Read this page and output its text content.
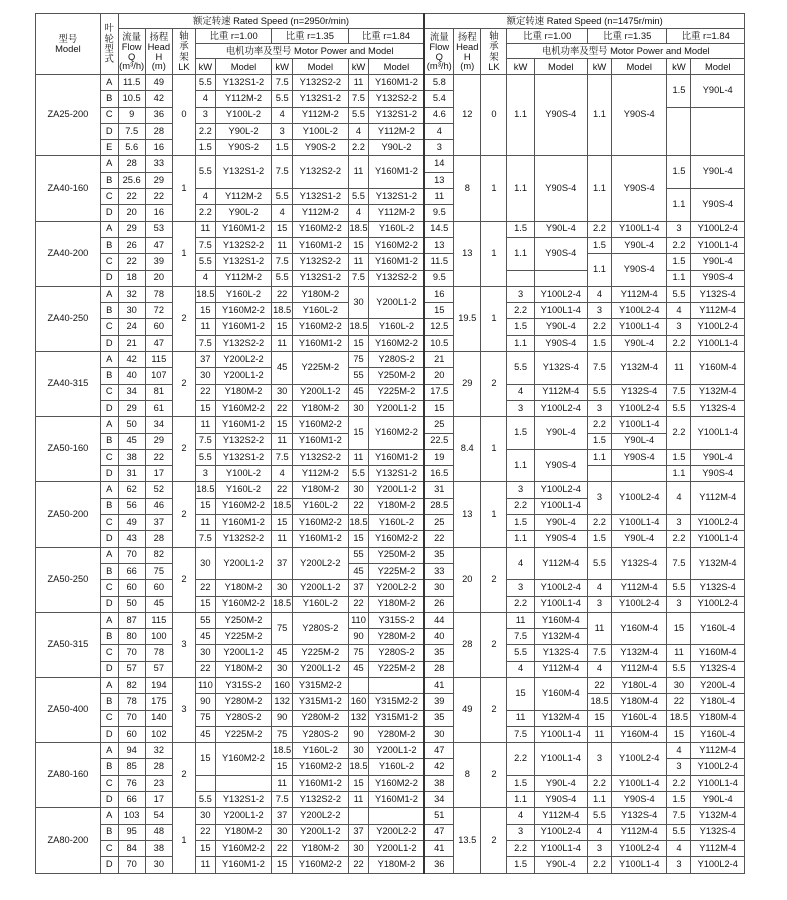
型号
Model	叶
轮
型
式	额定转速 Rated Speed (n=2950r/min)									额定转速 Rated Speed (n=1475r/min)								
		流量
Flow
Q
(m³/h)	扬程
Head
H
(m)	轴
承
架
LK	比重 r=1.00		比重 r=1.35		比重 r=1.84		流量
Flow
Q
(m³/h)	扬程
Head
H
(m)	轴
承
架
LK	比重 r=1.00		比重 r=1.35		比重 r=1.84	
					电机功率及型号 Motor Power and Model									电机功率及型号 Motor Power and Model					
					kW	Model	kW	Model	kW	Model				kW	Model	kW	Model	kW	Model
ZA25-200	A	11.5	49	0	5.5	Y132S1-2	7.5	Y132S2-2	11	Y160M1-2	5.8	12	0	1.1	Y90S-4	1.1	Y90S-4	1.5	Y90L-4
	B	10.5	42		4	Y112M-2	5.5	Y132S1-2	7.5	Y132S2-2	5.4								
	C	9	36		3	Y100L-2	4	Y112M-2	5.5	Y132S1-2	4.6								
	D	7.5	28		2.2	Y90L-2	3	Y100L-2	4	Y112M-2	4								
	E	5.6	16		1.5	Y90S-2	1.5	Y90S-2	2.2	Y90L-2	3								
ZA40-160	A	28	33	1	5.5	Y132S1-2	7.5	Y132S2-2	11	Y160M1-2	14	8	1	1.1	Y90S-4	1.1	Y90S-4	1.5	Y90L-4
	B	25.6	29								13								
	C	22	22		4	Y112M-2	5.5	Y132S1-2	5.5	Y132S1-2	11							1.1	Y90S-4
	D	20	16		2.2	Y90L-2	4	Y112M-2	4	Y112M-2	9.5								
ZA40-200	A	29	53	1	11	Y160M1-2	15	Y160M2-2	18.5	Y160L-2	14.5	13	1	1.5	Y90L-4	2.2	Y100L1-4	3	Y100L2-4
	B	26	47		7.5	Y132S2-2	11	Y160M1-2	15	Y160M2-2	13			1.1	Y90S-4	1.5	Y90L-4	2.2	Y100L1-4
	C	22	39		5.5	Y132S1-2	7.5	Y132S2-2	11	Y160M1-2	11.5					1.1	Y90S-4	1.5	Y90L-4
	D	18	20		4	Y112M-2	5.5	Y132S1-2	7.5	Y132S2-2	9.5							1.1	Y90S-4
ZA40-250	A	32	78	2	18.5	Y160L-2	22	Y180M-2	30	Y200L1-2	16	19.5	1	3	Y100L2-4	4	Y112M-4	5.5	Y132S-4
	B	30	72		15	Y160M2-2	18.5	Y160L-2			15			2.2	Y100L1-4	3	Y100L2-4	4	Y112M-4
	C	24	60		11	Y160M1-2	15	Y160M2-2	18.5	Y160L-2	12.5			1.5	Y90L-4	2.2	Y100L1-4	3	Y100L2-4
	D	21	47		7.5	Y132S2-2	11	Y160M1-2	15	Y160M2-2	10.5			1.1	Y90S-4	1.5	Y90L-4	2.2	Y100L1-4
ZA40-315	A	42	115	2	37	Y200L2-2	45	Y225M-2	75	Y280S-2	21	29	2	5.5	Y132S-4	7.5	Y132M-4	11	Y160M-4
	B	40	107		30	Y200L1-2			55	Y250M-2	20								
	C	34	81		22	Y180M-2	30	Y200L1-2	45	Y225M-2	17.5			4	Y112M-4	5.5	Y132S-4	7.5	Y132M-4
	D	29	61		15	Y160M2-2	22	Y180M-2	30	Y200L1-2	15			3	Y100L2-4	3	Y100L2-4	5.5	Y132S-4
ZA50-160	A	50	34	2	11	Y160M1-2	15	Y160M2-2	15	Y160M2-2	25	8.4	1	1.5	Y90L-4	2.2	Y100L1-4	2.2	Y100L1-4
	B	45	29		7.5	Y132S2-2	11	Y160M1-2			22.5					1.5	Y90L-4		
	C	38	22		5.5	Y132S1-2	7.5	Y132S2-2	11	Y160M1-2	19			1.1	Y90S-4	1.1	Y90S-4	1.5	Y90L-4
	D	31	17		3	Y100L-2	4	Y112M-2	5.5	Y132S1-2	16.5							1.1	Y90S-4
ZA50-200	A	62	52	2	18.5	Y160L-2	22	Y180M-2	30	Y200L1-2	31	13	1	3	Y100L2-4	3	Y100L2-4	4	Y112M-4
	B	56	46		15	Y160M2-2	18.5	Y160L-2	22	Y180M-2	28.5			2.2	Y100L1-4				
	C	49	37		11	Y160M1-2	15	Y160M2-2	18.5	Y160L-2	25			1.5	Y90L-4	2.2	Y100L1-4	3	Y100L2-4
	D	43	28		7.5	Y132S2-2	11	Y160M1-2	15	Y160M2-2	22			1.1	Y90S-4	1.5	Y90L-4	2.2	Y100L1-4
ZA50-250	A	70	82	2	30	Y200L1-2	37	Y200L2-2	55	Y250M-2	35	20	2	4	Y112M-4	5.5	Y132S-4	7.5	Y132M-4
	B	66	75						45	Y225M-2	33								
	C	60	60		22	Y180M-2	30	Y200L1-2	37	Y200L2-2	30			3	Y100L2-4	4	Y112M-4	5.5	Y132S-4
	D	50	45		15	Y160M2-2	18.5	Y160L-2	22	Y180M-2	26			2.2	Y100L1-4	3	Y100L2-4	3	Y100L2-4
ZA50-315	A	87	115	3	55	Y250M-2	75	Y280S-2	110	Y315S-2	44	28	2	11	Y160M-4	11	Y160M-4	15	Y160L-4
	B	80	100		45	Y225M-2			90	Y280M-2	40			7.5	Y132M-4				
	C	70	78		30	Y200L1-2	45	Y225M-2	75	Y280S-2	35			5.5	Y132S-4	7.5	Y132M-4	11	Y160M-4
	D	57	57		22	Y180M-2	30	Y200L1-2	45	Y225M-2	28			4	Y112M-4	4	Y112M-4	5.5	Y132S-4
ZA50-400	A	82	194	3	110	Y315S-2	160	Y315M2-2			41	49	2	15	Y160M-4	22	Y180L-4	30	Y200L-4
	B	78	175		90	Y280M-2	132	Y315M1-2	160	Y315M2-2	39					18.5	Y180M-4	22	Y180L-4
	C	70	140		75	Y280S-2	90	Y280M-2	132	Y315M1-2	35			11	Y132M-4	15	Y160L-4	18.5	Y180M-4
	D	60	102		45	Y225M-2	75	Y280S-2	90	Y280M-2	30			7.5	Y100L1-4	11	Y160M-4	15	Y160L-4
ZA80-160	A	94	32	2	15	Y160M2-2	18.5	Y160L-2	30	Y200L1-2	47	8	2	2.2	Y100L1-4	3	Y100L2-4	4	Y112M-4
	B	85	28				15	Y160M2-2	18.5	Y160L-2	42							3	Y100L2-4
	C	76	23				11	Y160M1-2	15	Y160M2-2	38			1.5	Y90L-4	2.2	Y100L1-4	2.2	Y100L1-4
	D	66	17		5.5	Y132S1-2	7.5	Y132S2-2	11	Y160M1-2	34			1.1	Y90S-4	1.1	Y90S-4	1.5	Y90L-4
ZA80-200	A	103	54	1	30	Y200L1-2	37	Y200L2-2			51	13.5	2	4	Y112M-4	5.5	Y132S-4	7.5	Y132M-4
	B	95	48		22	Y180M-2	30	Y200L1-2	37	Y200L2-2	47			3	Y100L2-4	4	Y112M-4	5.5	Y132S-4
	C	84	38		15	Y160M2-2	22	Y180M-2	30	Y200L1-2	41			2.2	Y100L1-4	3	Y100L2-4	4	Y112M-4
	D	70	30		11	Y160M1-2	15	Y160M2-2	22	Y180M-2	36			1.5	Y90L-4	2.2	Y100L1-4	3	Y100L2-4
